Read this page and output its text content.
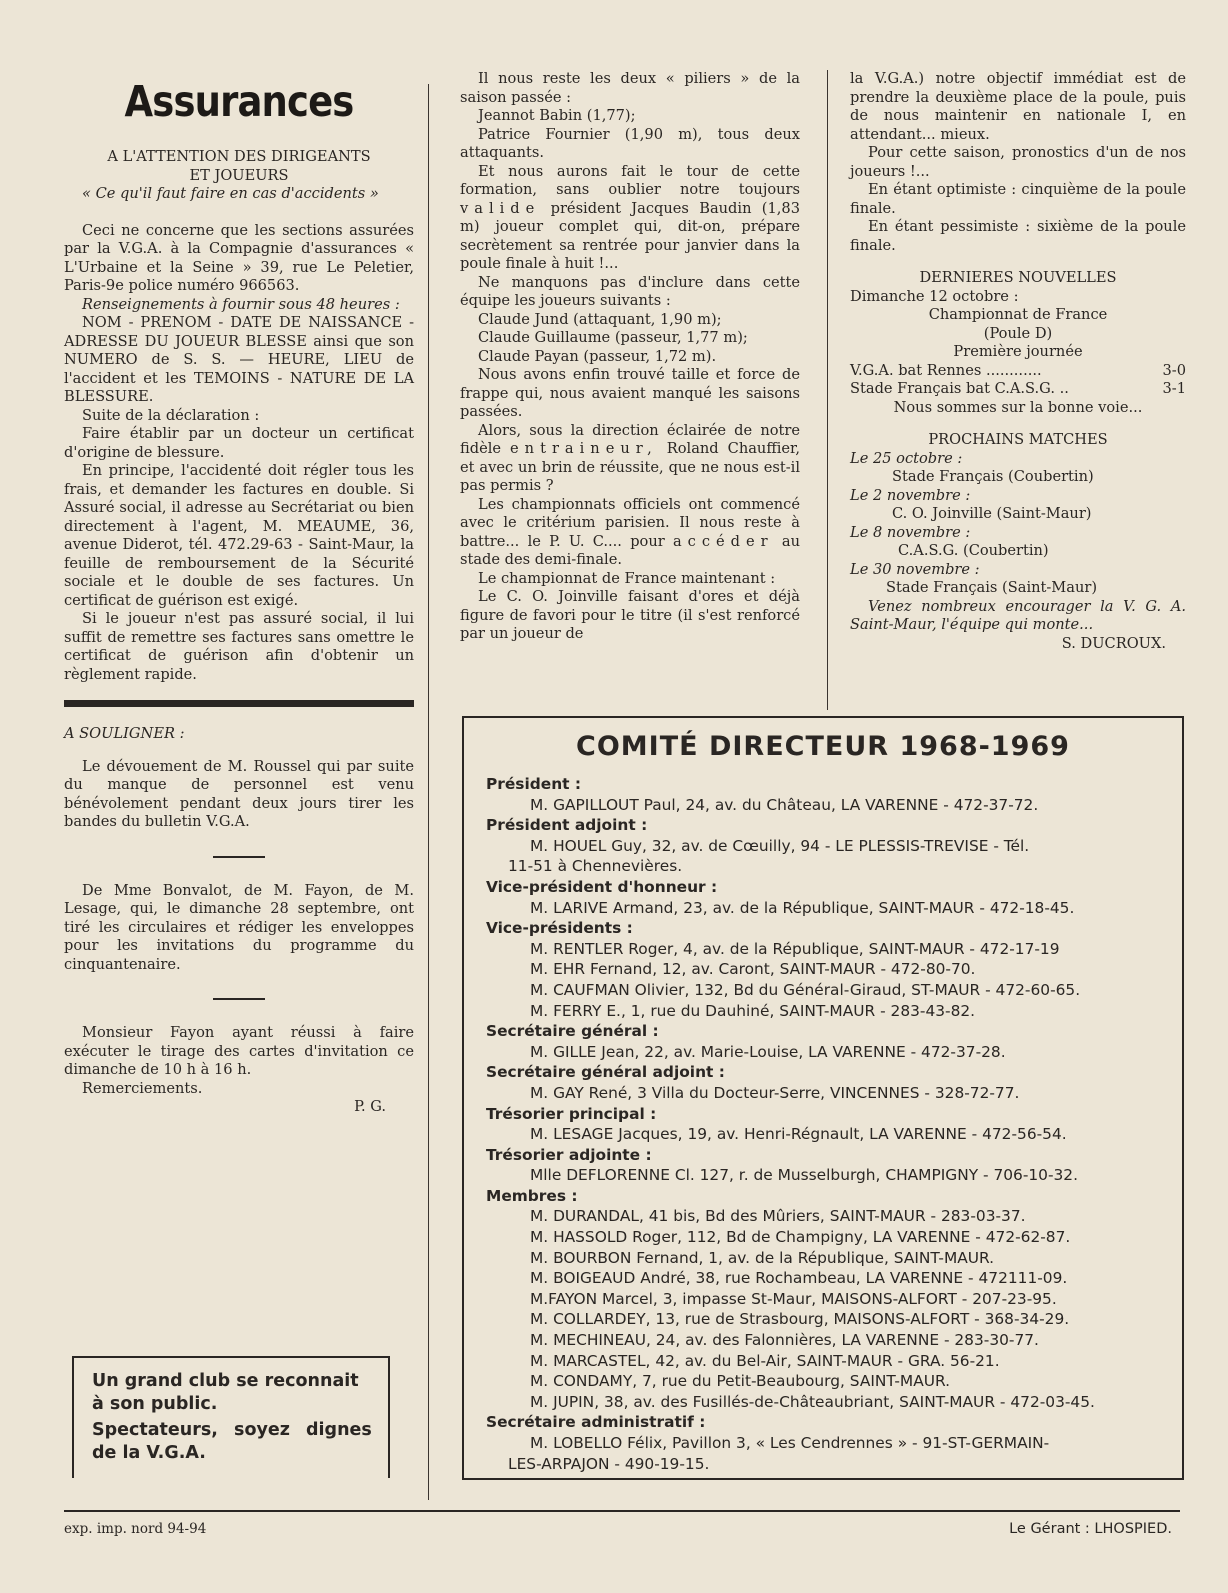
Assurances

A L'ATTENTION DES DIRIGEANTS

ET JOUEURS

« Ce qu'il faut faire en cas d'accidents »

Ceci ne concerne que les sections assurées par la V.G.A. à la Compagnie d'assurances « L'Urbaine et la Seine » 39, rue Le Peletier, Paris-9e police numéro 966563.

Renseignements à fournir sous 48 heures :

NOM - PRENOM - DATE DE NAISSANCE - ADRESSE DU JOUEUR BLESSE ainsi que son NUMERO de S. S. — HEURE, LIEU de l'accident et les TEMOINS - NATURE DE LA BLESSURE.

Suite de la déclaration :

Faire établir par un docteur un certificat d'origine de blessure.

En principe, l'accidenté doit régler tous les frais, et demander les factures en double. Si Assuré social, il adresse au Secrétariat ou bien directement à l'agent, M. MEAUME, 36, avenue Diderot, tél. 472.29-63 - Saint-Maur, la feuille de remboursement de la Sécurité sociale et le double de ses factures. Un certificat de guérison est exigé.

Si le joueur n'est pas assuré social, il lui suffit de remettre ses factures sans omettre le certificat de guérison afin d'obtenir un règlement rapide.

A SOULIGNER :

Le dévouement de M. Roussel qui par suite du manque de personnel est venu bénévolement pendant deux jours tirer les bandes du bulletin V.G.A.

De Mme Bonvalot, de M. Fayon, de M. Lesage, qui, le dimanche 28 septembre, ont tiré les circulaires et rédiger les enveloppes pour les invitations du programme du cinquantenaire.

Monsieur Fayon ayant réussi à faire exécuter le tirage des cartes d'invitation ce dimanche de 10 h à 16 h.

Remerciements.

P. G.

Un grand club se reconnait
à son public.
Spectateurs, soyez dignes
de la V.G.A.

Il nous reste les deux « piliers » de la saison passée :

Jeannot Babin (1,77);

Patrice Fournier (1,90 m), tous deux attaquants.

Et nous aurons fait le tour de cette formation, sans oublier notre toujours valide président Jacques Baudin (1,83 m) joueur complet qui, dit-on, prépare secrètement sa rentrée pour janvier dans la poule finale à huit !...

Ne manquons pas d'inclure dans cette équipe les joueurs suivants :

Claude Jund (attaquant, 1,90 m);

Claude Guillaume (passeur, 1,77 m);

Claude Payan (passeur, 1,72 m).

Nous avons enfin trouvé taille et force de frappe qui, nous avaient manqué les saisons passées.

Alors, sous la direction éclairée de notre fidèle entraineur, Roland Chauffier, et avec un brin de réussite, que ne nous est-il pas permis ?

Les championnats officiels ont commencé avec le critérium parisien. Il nous reste à battre... le P. U. C.... pour accéder au stade des demi-finale.

Le championnat de France maintenant :

Le C. O. Joinville faisant d'ores et déjà figure de favori pour le titre (il s'est renforcé par un joueur de

la V.G.A.) notre objectif immédiat est de prendre la deuxième place de la poule, puis de nous maintenir en nationale I, en attendant... mieux.

Pour cette saison, pronostics d'un de nos joueurs !...

En étant optimiste : cinquième de la poule finale.

En étant pessimiste : sixième de la poule finale.

DERNIERES NOUVELLES

Dimanche 12 octobre :

Championnat de France

(Poule D)

Première journée

V.G.A. bat Rennes ............	3-0
Stade Français bat C.A.S.G. ..	3-1

Nous sommes sur la bonne voie...

PROCHAINS MATCHES

Le 25 octobre :

Stade Français (Coubertin)

Le 2 novembre :

C. O. Joinville (Saint-Maur)

Le 8 novembre :

C.A.S.G. (Coubertin)

Le 30 novembre :

Stade Français (Saint-Maur)

Venez nombreux encourager la V. G. A. Saint-Maur, l'équipe qui monte...

S. DUCROUX.

COMITÉ DIRECTEUR 1968-1969
Président :
M. GAPILLOUT Paul, 24, av. du Château, LA VARENNE - 472-37-72.
Président adjoint :
M. HOUEL Guy, 32, av. de Cœuilly, 94 - LE PLESSIS-TREVISE - Tél.
11-51 à Chennevières.
Vice-président d'honneur :
M. LARIVE Armand, 23, av. de la République, SAINT-MAUR - 472-18-45.
Vice-présidents :
M. RENTLER Roger, 4, av. de la République, SAINT-MAUR - 472-17-19
M. EHR Fernand, 12, av. Caront, SAINT-MAUR - 472-80-70.
M. CAUFMAN Olivier, 132, Bd du Général-Giraud, ST-MAUR - 472-60-65.
M. FERRY E., 1, rue du Dauhiné, SAINT-MAUR - 283-43-82.
Secrétaire général :
M. GILLE Jean, 22, av. Marie-Louise, LA VARENNE - 472-37-28.
Secrétaire général adjoint :
M. GAY René, 3 Villa du Docteur-Serre, VINCENNES - 328-72-77.
Trésorier principal :
M. LESAGE Jacques, 19, av. Henri-Régnault, LA VARENNE - 472-56-54.
Trésorier adjointe :
Mlle DEFLORENNE Cl. 127, r. de Musselburgh, CHAMPIGNY - 706-10-32.
Membres :
M. DURANDAL, 41 bis, Bd des Mûriers, SAINT-MAUR - 283-03-37.
M. HASSOLD Roger, 112, Bd de Champigny, LA VARENNE - 472-62-87.
M. BOURBON Fernand, 1, av. de la République, SAINT-MAUR.
M. BOIGEAUD André, 38, rue Rochambeau, LA VARENNE - 472111-09.
M.FAYON Marcel, 3, impasse St-Maur, MAISONS-ALFORT - 207-23-95.
M. COLLARDEY, 13, rue de Strasbourg, MAISONS-ALFORT - 368-34-29.
M. MECHINEAU, 24, av. des Falonnières, LA VARENNE - 283-30-77.
M. MARCASTEL, 42, av. du Bel-Air, SAINT-MAUR - GRA. 56-21.
M. CONDAMY, 7, rue du Petit-Beaubourg, SAINT-MAUR.
M. JUPIN, 38, av. des Fusillés-de-Châteaubriant, SAINT-MAUR - 472-03-45.
Secrétaire administratif :
M. LOBELLO Félix, Pavillon 3, « Les Cendrennes » - 91-ST-GERMAIN-
LES-ARPAJON - 490-19-15.
exp. imp. nord 94-94	Le Gérant : LHOSPIED.
